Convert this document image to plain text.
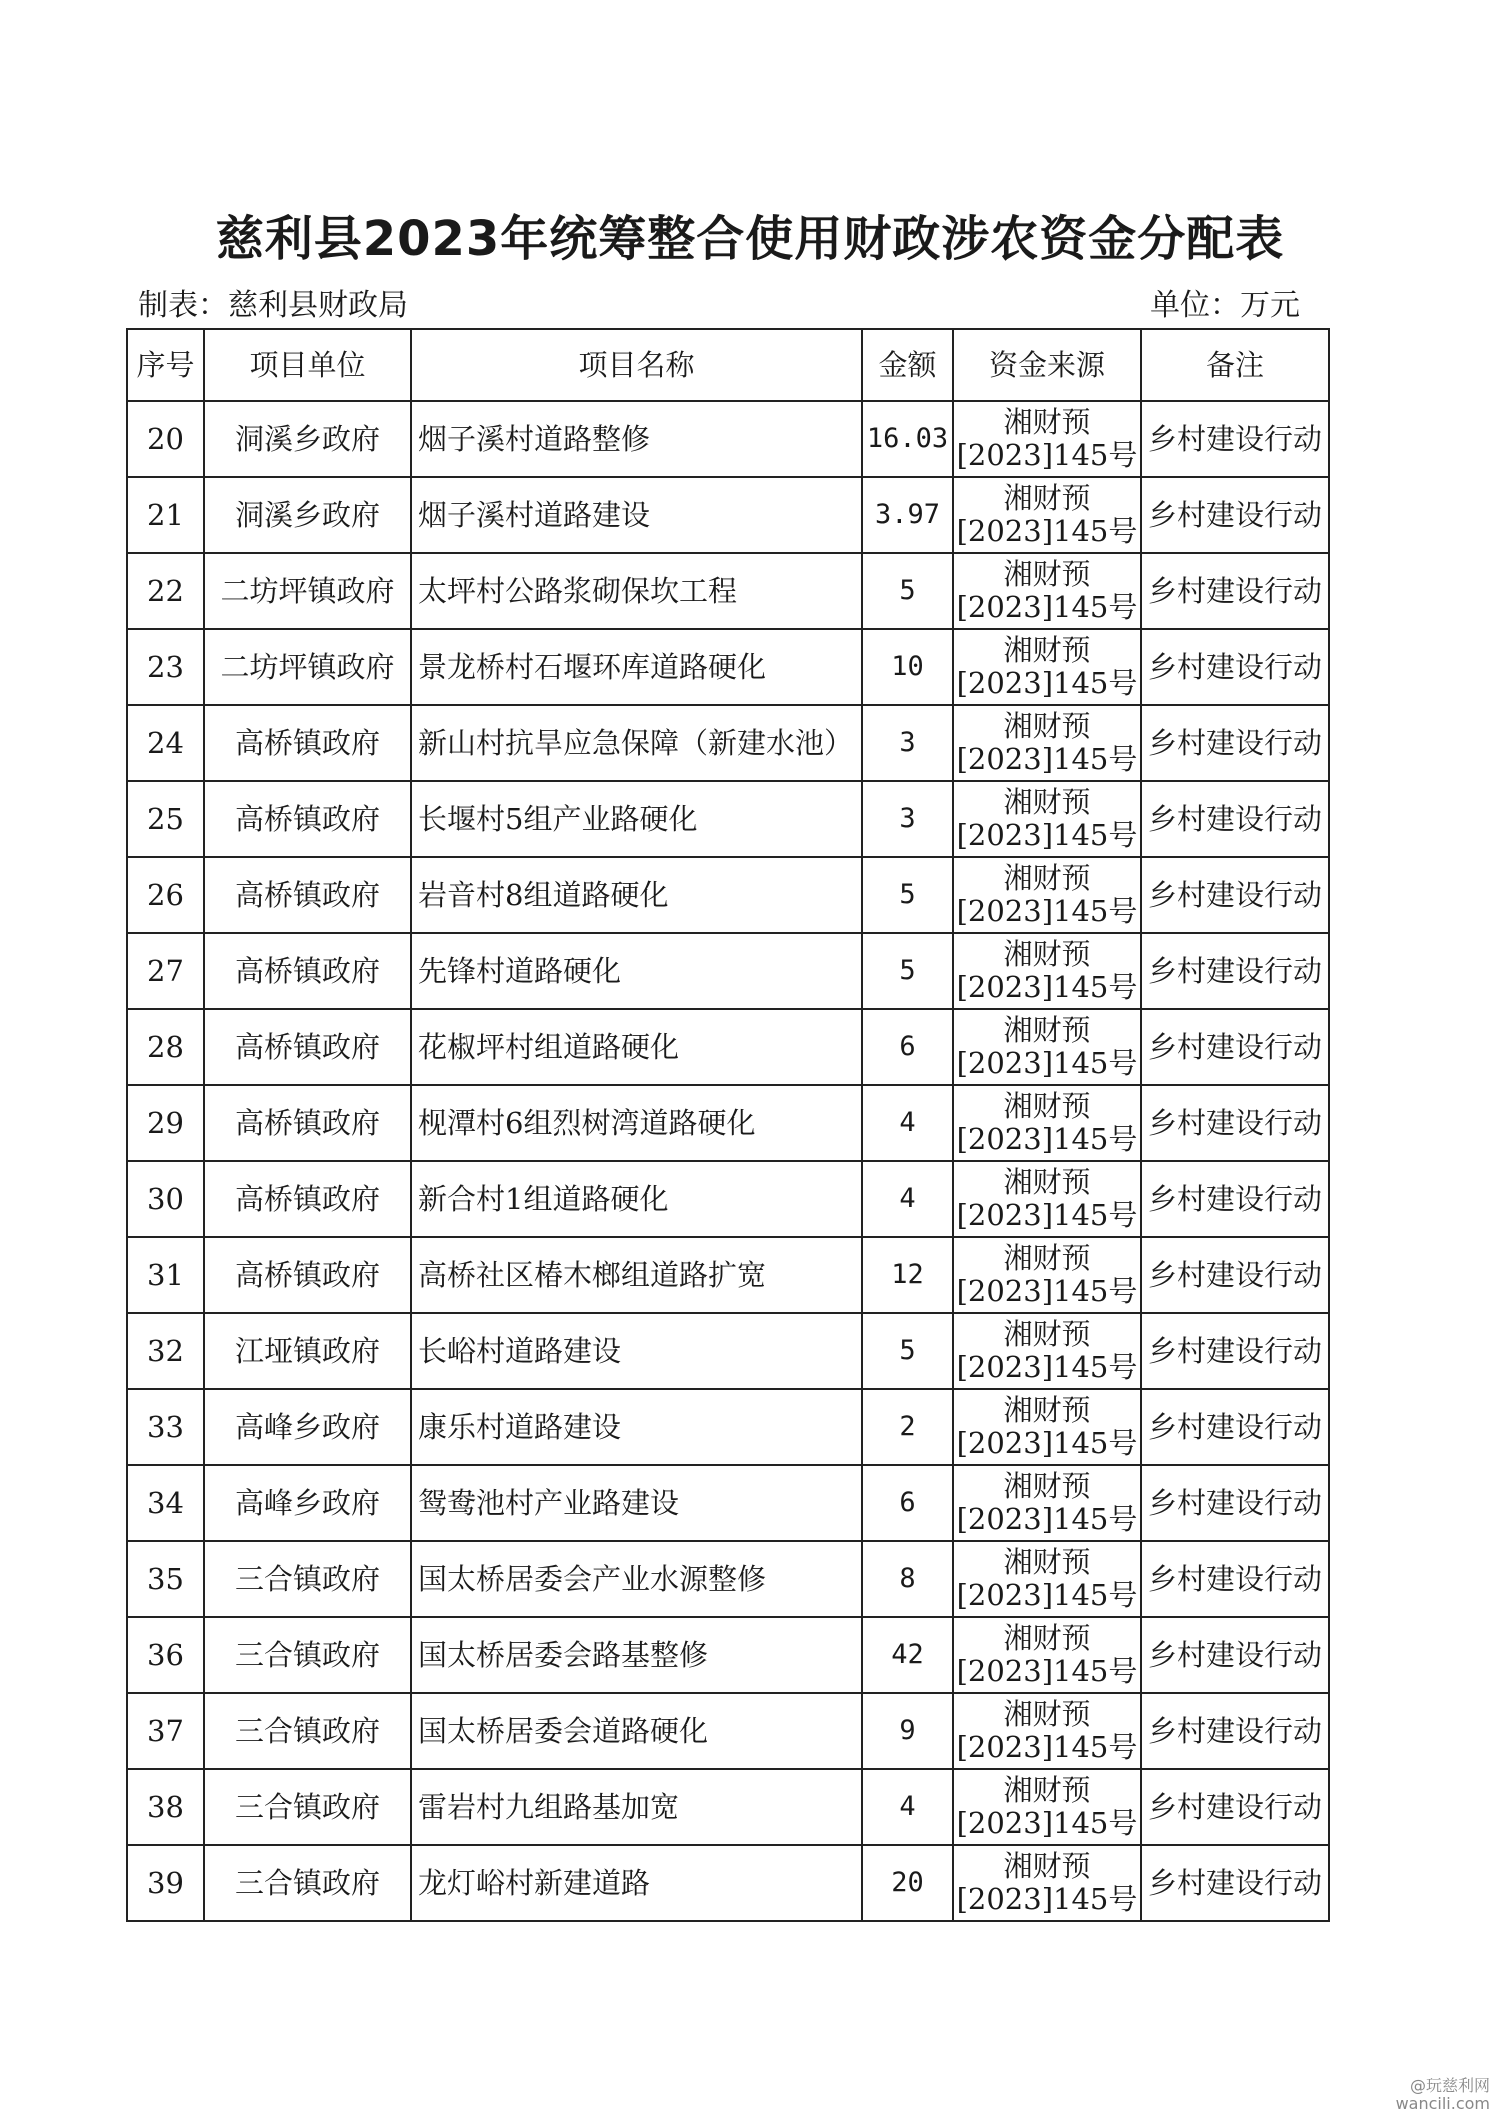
慈利县2023年统筹整合使用财政涉农资金分配表
制表：慈利县财政局	单位：万元
序号	项目单位	项目名称	金额	资金来源	备注
20	洞溪乡政府	烟子溪村道路整修	16.03	湘财预
[2023]145号	乡村建设行动
21	洞溪乡政府	烟子溪村道路建设	3.97	湘财预
[2023]145号	乡村建设行动
22	二坊坪镇政府	太坪村公路浆砌保坎工程	5	湘财预
[2023]145号	乡村建设行动
23	二坊坪镇政府	景龙桥村石堰环库道路硬化	10	湘财预
[2023]145号	乡村建设行动
24	高桥镇政府	新山村抗旱应急保障（新建水池）	3	湘财预
[2023]145号	乡村建设行动
25	高桥镇政府	长堰村5组产业路硬化	3	湘财预
[2023]145号	乡村建设行动
26	高桥镇政府	岩音村8组道路硬化	5	湘财预
[2023]145号	乡村建设行动
27	高桥镇政府	先锋村道路硬化	5	湘财预
[2023]145号	乡村建设行动
28	高桥镇政府	花椒坪村组道路硬化	6	湘财预
[2023]145号	乡村建设行动
29	高桥镇政府	枧潭村6组烈树湾道路硬化	4	湘财预
[2023]145号	乡村建设行动
30	高桥镇政府	新合村1组道路硬化	4	湘财预
[2023]145号	乡村建设行动
31	高桥镇政府	高桥社区椿木榔组道路扩宽	12	湘财预
[2023]145号	乡村建设行动
32	江垭镇政府	长峪村道路建设	5	湘财预
[2023]145号	乡村建设行动
33	高峰乡政府	康乐村道路建设	2	湘财预
[2023]145号	乡村建设行动
34	高峰乡政府	鸳鸯池村产业路建设	6	湘财预
[2023]145号	乡村建设行动
35	三合镇政府	国太桥居委会产业水源整修	8	湘财预
[2023]145号	乡村建设行动
36	三合镇政府	国太桥居委会路基整修	42	湘财预
[2023]145号	乡村建设行动
37	三合镇政府	国太桥居委会道路硬化	9	湘财预
[2023]145号	乡村建设行动
38	三合镇政府	雷岩村九组路基加宽	4	湘财预
[2023]145号	乡村建设行动
39	三合镇政府	龙灯峪村新建道路	20	湘财预
[2023]145号	乡村建设行动
@玩慈利网
wancili.com
